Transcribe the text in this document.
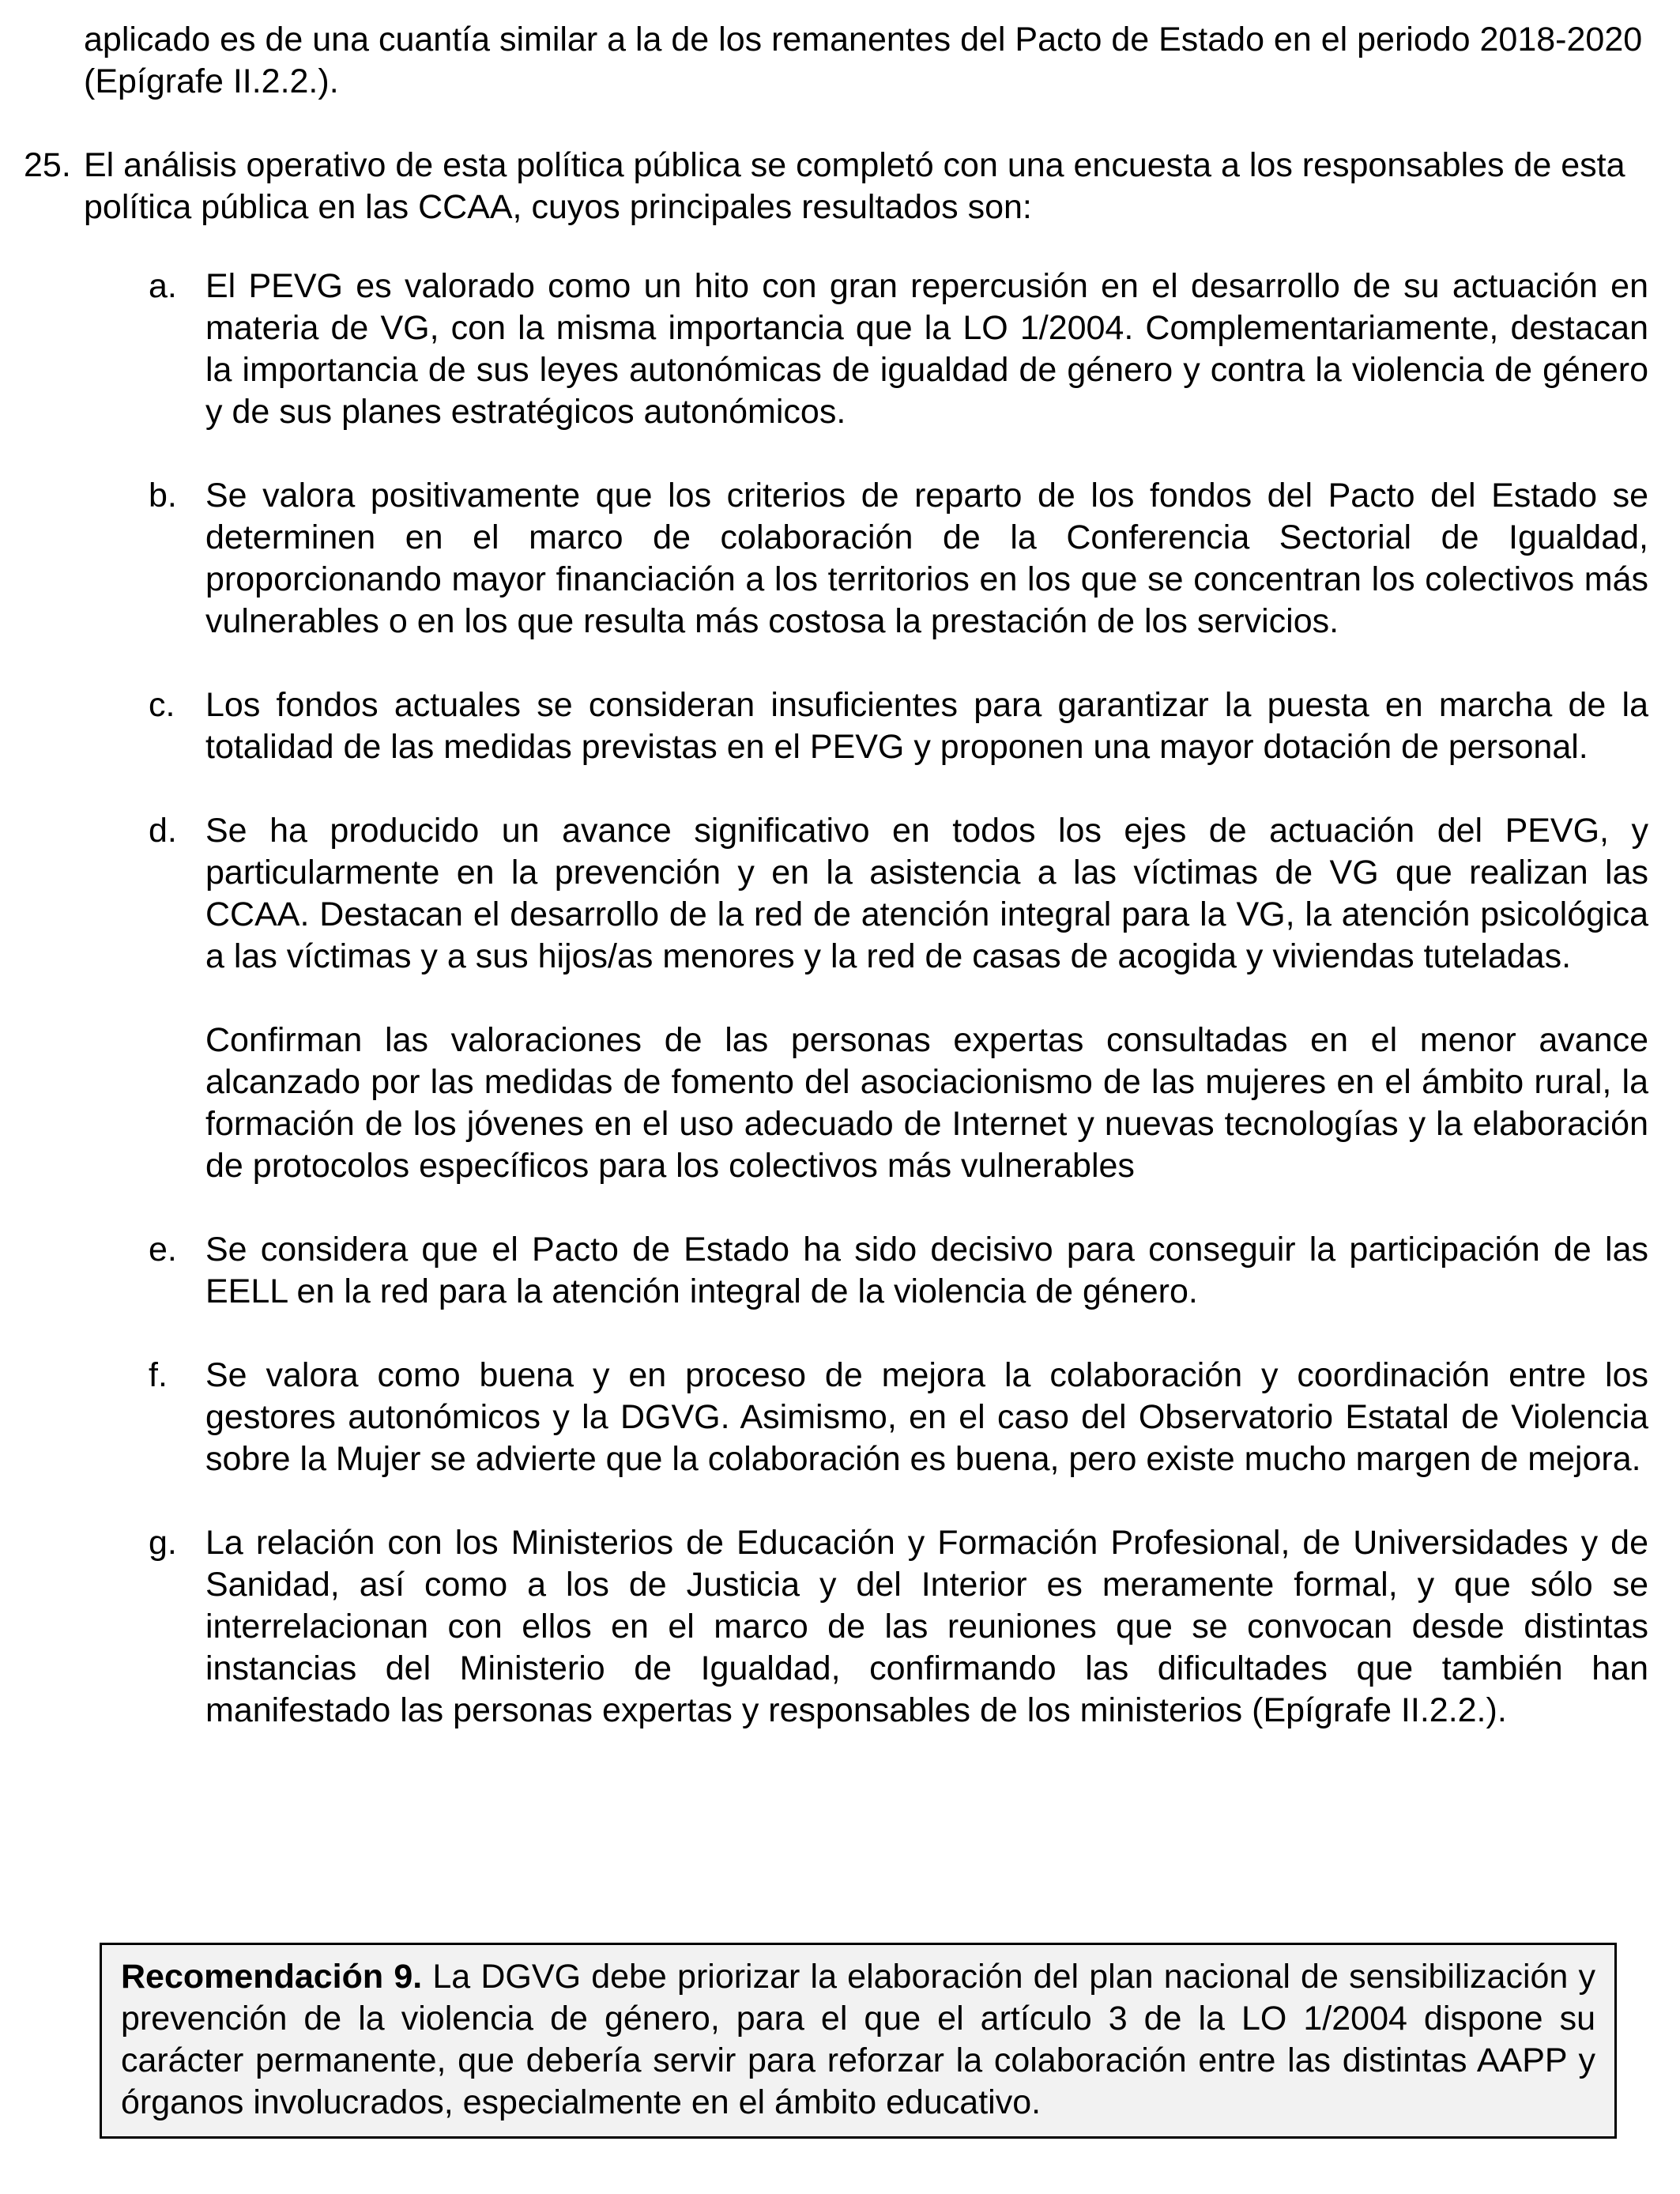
aplicado es de una cuantía similar a la de los remanentes del Pacto de Estado en el periodo 2018-2020 (Epígrafe II.2.2.).

25. El análisis operativo de esta política pública se completó con una encuesta a los responsables de esta política pública en las CCAA, cuyos principales resultados son:

a. El PEVG es valorado como un hito con gran repercusión en el desarrollo de su actuación en materia de VG, con la misma importancia que la LO 1/2004. Complementariamente, destacan la importancia de sus leyes autonómicas de igualdad de género y contra la violencia de género y de sus planes estratégicos autonómicos.

b. Se valora positivamente que los criterios de reparto de los fondos del Pacto del Estado se determinen en el marco de colaboración de la Conferencia Sectorial de Igualdad, proporcionando mayor financiación a los territorios en los que se concentran los colectivos más vulnerables o en los que resulta más costosa la prestación de los servicios.

c. Los fondos actuales se consideran insuficientes para garantizar la puesta en marcha de la totalidad de las medidas previstas en el PEVG y proponen una mayor dotación de personal.

d. Se ha producido un avance significativo en todos los ejes de actuación del PEVG, y particularmente en la prevención y en la asistencia a las víctimas de VG que realizan las CCAA. Destacan el desarrollo de la red de atención integral para la VG, la atención psicológica a las víctimas y a sus hijos/as menores y la red de casas de acogida y viviendas tuteladas.

Confirman las valoraciones de las personas expertas consultadas en el menor avance alcanzado por las medidas de fomento del asociacionismo de las mujeres en el ámbito rural, la formación de los jóvenes en el uso adecuado de Internet y nuevas tecnologías y la elaboración de protocolos específicos para los colectivos más vulnerables

e. Se considera que el Pacto de Estado ha sido decisivo para conseguir la participación de las EELL en la red para la atención integral de la violencia de género.

f.	Se valora como buena y en proceso de mejora la colaboración y coordinación entre los gestores autonómicos y la DGVG. Asimismo, en el caso del Observatorio Estatal de Violencia sobre la Mujer se advierte que la colaboración es buena, pero existe mucho margen de mejora.

g. La relación con los Ministerios de Educación y Formación Profesional, de Universidades y de Sanidad, así como a los de Justicia y del Interior es meramente formal, y que sólo se interrelacionan con ellos en el marco de las reuniones que se convocan desde distintas instancias del Ministerio de Igualdad, confirmando las dificultades que también han manifestado las personas expertas y responsables de los ministerios (Epígrafe II.2.2.).

Recomendación 9. La DGVG debe priorizar la elaboración del plan nacional de sensibilización y prevención de la violencia de género, para el que el artículo 3 de la LO 1/2004 dispone su carácter permanente, que debería servir para reforzar la colaboración entre las distintas AAPP y órganos involucrados, especialmente en el ámbito educativo.
